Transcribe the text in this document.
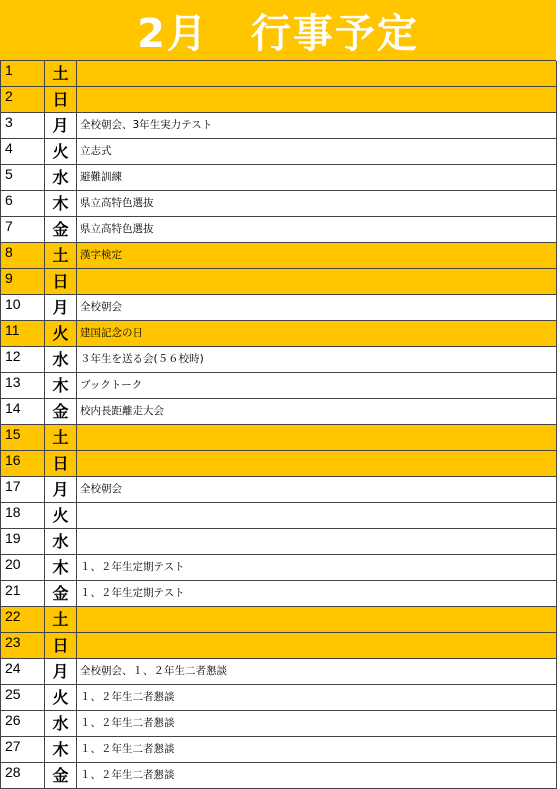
2月　行事予定
1	土
2	日
3	月	全校朝会、3年生実力テスト
4	火	立志式
5	水	避難訓練
6	木	県立高特色選抜
7	金	県立高特色選抜
8	土	漢字検定
9	日
10	月	全校朝会
11	火	建国記念の日
12	水	３年生を送る会(５６校時)
13	木	ブックトーク
14	金	校内長距離走大会
15	土
16	日
17	月	全校朝会
18	火
19	水
20	木	１、２年生定期テスト
21	金	１、２年生定期テスト
22	土
23	日
24	月	全校朝会、１、２年生二者懇談
25	火	１、２年生二者懇談
26	水	１、２年生二者懇談
27	木	１、２年生二者懇談
28	金	１、２年生二者懇談
